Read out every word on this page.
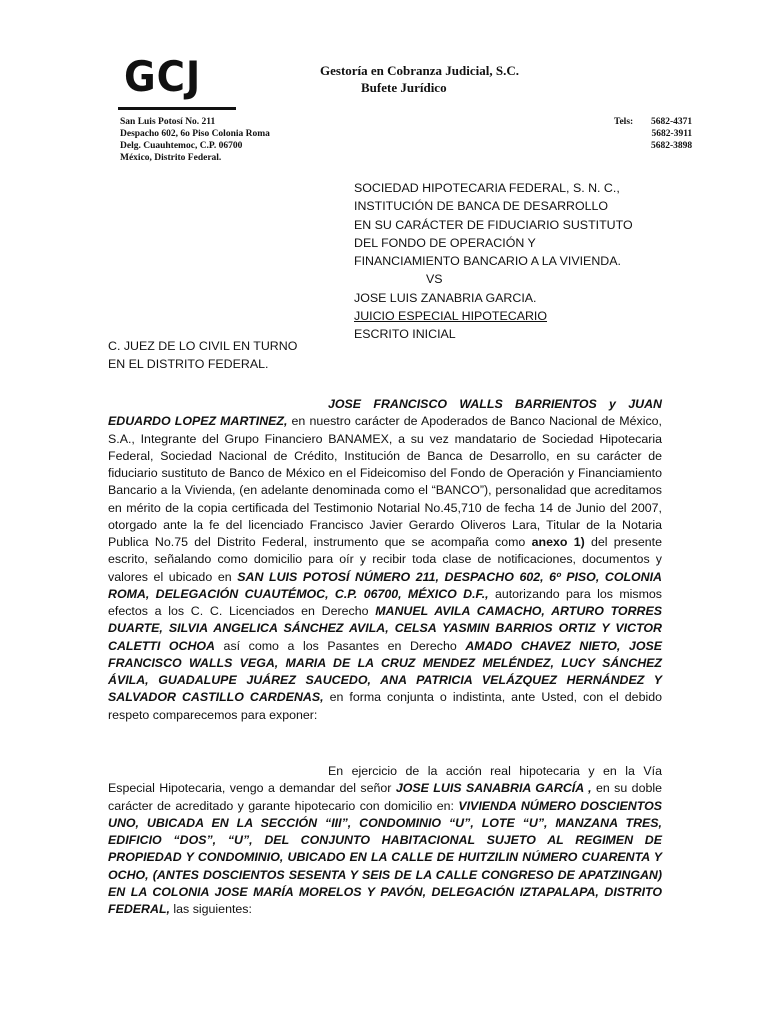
GCJ	Gestoría en Cobranza Judicial, S.C.
Bufete Jurídico
San Luis Potosí No. 211
Despacho 602, 6o Piso Colonia Roma
Delg. Cuauhtemoc, C.P. 06700
México, Distrito Federal.
Tels: 5682-4371
5682-3911
5682-3898
SOCIEDAD HIPOTECARIA FEDERAL, S. N. C.,
INSTITUCIÓN DE BANCA DE DESARROLLO
EN SU CARÁCTER DE FIDUCIARIO SUSTITUTO
DEL FONDO DE OPERACIÓN Y
FINANCIAMIENTO BANCARIO A LA VIVIENDA.
VS
JOSE LUIS ZANABRIA GARCIA.
JUICIO ESPECIAL HIPOTECARIO
ESCRITO INICIAL
C. JUEZ DE LO CIVIL EN TURNO
EN EL DISTRITO FEDERAL.
JOSE FRANCISCO WALLS BARRIENTOS y JUAN EDUARDO LOPEZ MARTINEZ, en nuestro carácter de Apoderados de Banco Nacional de México, S.A., Integrante del Grupo Financiero BANAMEX, a su vez mandatario de Sociedad Hipotecaria Federal, Sociedad Nacional de Crédito, Institución de Banca de Desarrollo, en su carácter de fiduciario sustituto de Banco de México en el Fideicomiso del Fondo de Operación y Financiamiento Bancario a la Vivienda, (en adelante denominada como el “BANCO”), personalidad que acreditamos en mérito de la copia certificada del Testimonio Notarial No.45,710 de fecha 14 de Junio del 2007, otorgado ante la fe del licenciado Francisco Javier Gerardo Oliveros Lara, Titular de la Notaria Publica No.75 del Distrito Federal, instrumento que se acompaña como anexo 1) del presente escrito, señalando como domicilio para oír y recibir toda clase de notificaciones, documentos y valores el ubicado en SAN LUIS POTOSÍ NÚMERO 211, DESPACHO 602, 6º PISO, COLONIA ROMA, DELEGACIÓN CUAUTÉMOC, C.P. 06700, MÉXICO D.F., autorizando para los mismos efectos a los C. C. Licenciados en Derecho MANUEL AVILA CAMACHO, ARTURO TORRES DUARTE, SILVIA ANGELICA SÁNCHEZ AVILA, CELSA YASMIN BARRIOS ORTIZ Y VICTOR CALETTI OCHOA así como a los Pasantes en Derecho AMADO CHAVEZ NIETO, JOSE FRANCISCO WALLS VEGA, MARIA DE LA CRUZ MENDEZ MELÉNDEZ, LUCY SÁNCHEZ ÁVILA, GUADALUPE JUÁREZ SAUCEDO, ANA PATRICIA VELÁZQUEZ HERNÁNDEZ Y SALVADOR CASTILLO CARDENAS, en forma conjunta o indistinta, ante Usted, con el debido respeto comparecemos para exponer:
En ejercicio de la acción real hipotecaria y en la Vía Especial Hipotecaria, vengo a demandar del señor JOSE LUIS SANABRIA GARCÍA , en su doble carácter de acreditado y garante hipotecario con domicilio en: VIVIENDA NÚMERO DOSCIENTOS UNO, UBICADA EN LA SECCIÓN “III”, CONDOMINIO “U”, LOTE “U”, MANZANA TRES, EDIFICIO “DOS”, “U”, DEL CONJUNTO HABITACIONAL SUJETO AL REGIMEN DE PROPIEDAD Y CONDOMINIO, UBICADO EN LA CALLE DE HUITZILIN NÚMERO CUARENTA Y OCHO, (ANTES DOSCIENTOS SESENTA Y SEIS DE LA CALLE CONGRESO DE APATZINGAN) EN LA COLONIA JOSE MARÍA MORELOS Y PAVÓN, DELEGACIÓN IZTAPALAPA, DISTRITO FEDERAL, las siguientes:
